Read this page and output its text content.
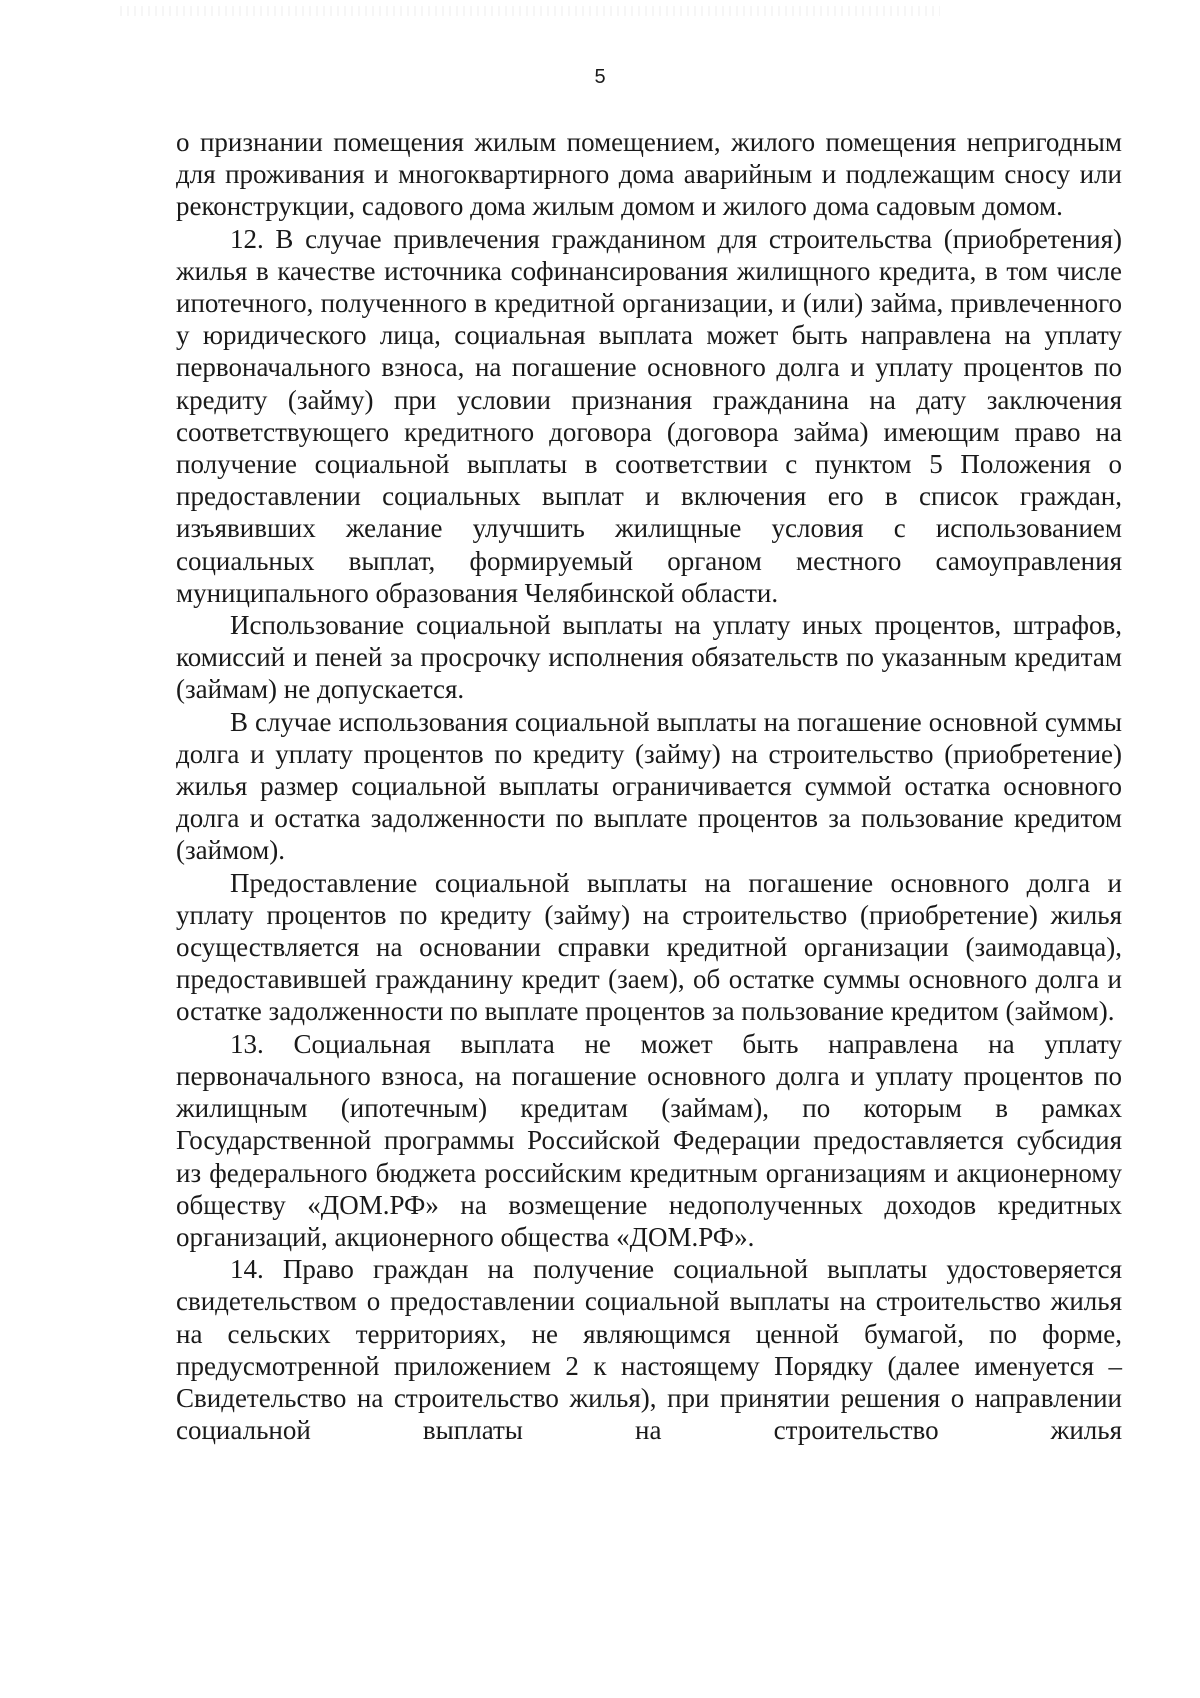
5

о признании помещения жилым помещением, жилого помещения непригодным для проживания и многоквартирного дома аварийным и подлежащим сносу или реконструкции, садового дома жилым домом и жилого дома садовым домом.

12. В случае привлечения гражданином для строительства (приобретения) жилья в качестве источника софинансирования жилищного кредита, в том числе ипотечного, полученного в кредитной организации, и (или) займа, привлеченного у юридического лица, социальная выплата может быть направлена на уплату первоначального взноса, на погашение основного долга и уплату процентов по кредиту (займу) при условии признания гражданина на дату заключения соответствующего кредитного договора (договора займа) имеющим право на получение социальной выплаты в соответствии с пунктом 5 Положения о предоставлении социальных выплат и включения его в список граждан, изъявивших желание улучшить жилищные условия с использованием социальных выплат, формируемый органом местного самоуправления муниципального образования Челябинской области.

Использование социальной выплаты на уплату иных процентов, штрафов, комиссий и пеней за просрочку исполнения обязательств по указанным кредитам (займам) не допускается.

В случае использования социальной выплаты на погашение основной суммы долга и уплату процентов по кредиту (займу) на строительство (приобретение) жилья размер социальной выплаты ограничивается суммой остатка основного долга и остатка задолженности по выплате процентов за пользование кредитом (займом).

Предоставление социальной выплаты на погашение основного долга и уплату процентов по кредиту (займу) на строительство (приобретение) жилья осуществляется на основании справки кредитной организации (заимодавца), предоставившей гражданину кредит (заем), об остатке суммы основного долга и остатке задолженности по выплате процентов за пользование кредитом (займом).

13. Социальная выплата не может быть направлена на уплату первоначального взноса, на погашение основного долга и уплату процентов по жилищным (ипотечным) кредитам (займам), по которым в рамках Государственной программы Российской Федерации предоставляется субсидия из федерального бюджета российским кредитным организациям и акционерному обществу «ДОМ.РФ» на возмещение недополученных доходов кредитных организаций, акционерного общества «ДОМ.РФ».

14. Право граждан на получение социальной выплаты удостоверяется свидетельством о предоставлении социальной выплаты на строительство жилья на сельских территориях, не являющимся ценной бумагой, по форме, предусмотренной приложением 2 к настоящему Порядку (далее именуется – Свидетельство на строительство жилья), при принятии решения о направлении социальной выплаты на строительство жилья
